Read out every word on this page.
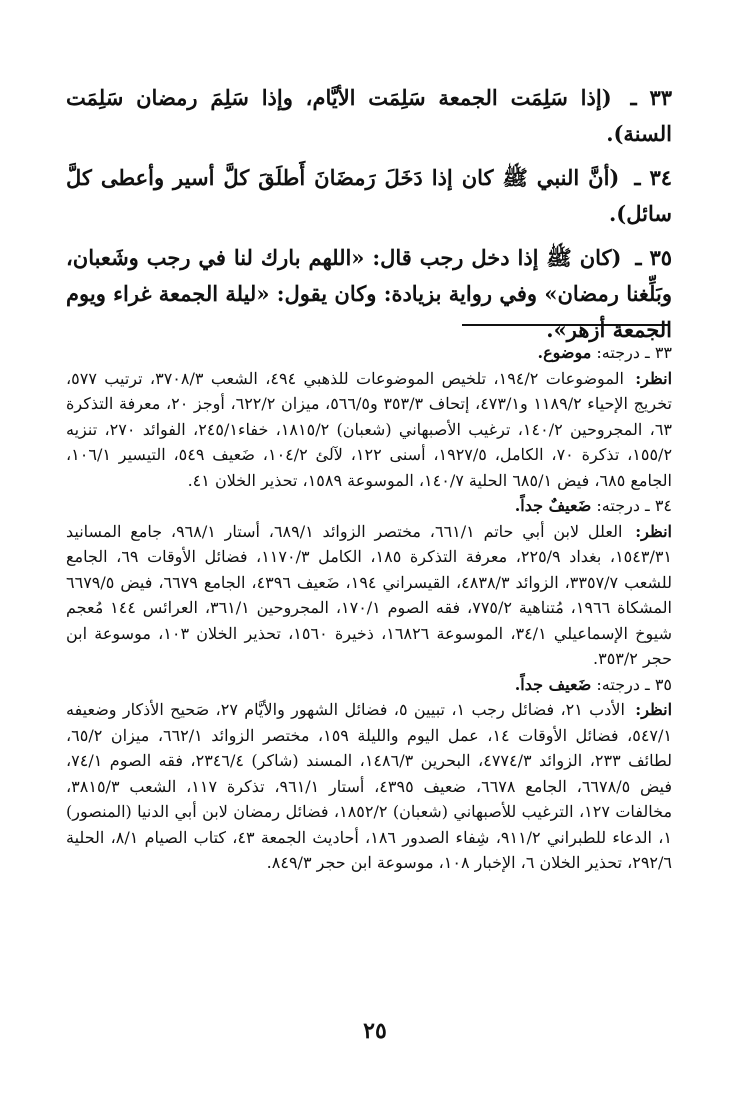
٣٣ ـ (إذا سَلِمَت الجمعة سَلِمَت الأيَّام، وإذا سَلِمَ رمضان سَلِمَت السنة).

٣٤ ـ (أنَّ النبي ﷺ كان إذا دَخَلَ رَمضَانَ أَطلَقَ كلَّ أسير وأعطى كلَّ سائل).

٣٥ ـ (كان ﷺ إذا دخل رجب قال: «اللهم بارك لنا في رجب وشَعبان، وبَلِّغنا رمضان» وفي رواية بزيادة: وكان يقول: «ليلة الجمعة غراء ويوم الجمعة أزهر».

٣٣ ـ درجته: موضوع.

انظر: الموضوعات ١٩٤/٢، تلخيص الموضوعات للذهبي ٤٩٤، الشعب ٣٧٠٨/٣، ترتيب ٥٧٧، تخريج الإحياء ١١٨٩/٢ و٤٧٣/١، إتحاف ٣٥٣/٣ و٥٦٦/٥، ميزان ٦٢٢/٢، أوجز ٢٠، معرفة التذكرة ٦٣، المجروحين ١٤٠/٢، ترغيب الأصبهاني (شعبان) ١٨١٥/٢، خفاء٢٤٥/١، الفوائد ٢٧٠، تنزيه ١٥٥/٢، تذكرة ٧٠، الكامل، ١٩٢٧/٥، أسنى ١٢٢، لآلئ ١٠٤/٢، ضَعيف ٥٤٩، التيسير ١٠٦/١، الجامع ٦٨٥، فيض ٦٨٥/١ الحلية ١٤٠/٧، الموسوعة ١٥٨٩، تحذير الخلان ٤١.

٣٤ ـ درجته: ضَعيفٌ جداً.

انظر: العلل لابن أبي حاتم ٦٦١/١، مختصر الزوائد ٦٨٩/١، أستار ٩٦٨/١، جامع المسانيد ١٥٤٣/٣١، بغداد ٢٢٥/٩، معرفة التذكرة ١٨٥، الكامل ١١٧٠/٣، فضائل الأوقات ٦٩، الجامع للشعب ٣٣٥٧/٧، الزوائد ٤٨٣٨/٣، القيسراني ١٩٤، ضَعيف ٤٣٩٦، الجامع ٦٦٧٩، فيض ٦٦٧٩/٥ المشكاة ١٩٦٦، مُتناهية ٧٧٥/٢، فقه الصوم ١٧٠/١، المجروحين ٣٦١/١، العرائس ١٤٤ مُعجم شيوخ الإسماعيلي ٣٤/١، الموسوعة ١٦٨٢٦، ذخيرة ١٥٦٠، تحذير الخلان ١٠٣، موسوعة ابن حجر ٣٥٣/٢.

٣٥ ـ درجته: ضَعيف جداً.

انظر: الأدب ٢١، فضائل رجب ١، تبيين ٥، فضائل الشهور والأيَّام ٢٧، صَحيح الأذكار وضعيفه ٥٤٧/١، فضائل الأوقات ١٤، عمل اليوم والليلة ١٥٩، مختصر الزوائد ٦٦٢/١، ميزان ٦٥/٢، لطائف ٢٣٣، الزوائد ٤٧٧٤/٣، البحرين ١٤٨٦/٣، المسند (شاكر) ٢٣٤٦/٤، فقه الصوم ٧٤/١، فيض ٦٦٧٨/٥، الجامع ٦٦٧٨، ضعيف ٤٣٩٥، أستار ٩٦١/١، تذكرة ١١٧، الشعب ٣٨١٥/٣، مخالفات ١٢٧، الترغيب للأصبهاني (شعبان) ١٨٥٢/٢، فضائل رمضان لابن أبي الدنيا (المنصور) ١، الدعاء للطبراني ٩١١/٢، شِفاء الصدور ١٨٦، أحاديث الجمعة ٤٣، كتاب الصيام ٨/١، الحلية ٢٩٢/٦، تحذير الخلان ٦، الإخبار ١٠٨، موسوعة ابن حجر ٨٤٩/٣.

٢٥
